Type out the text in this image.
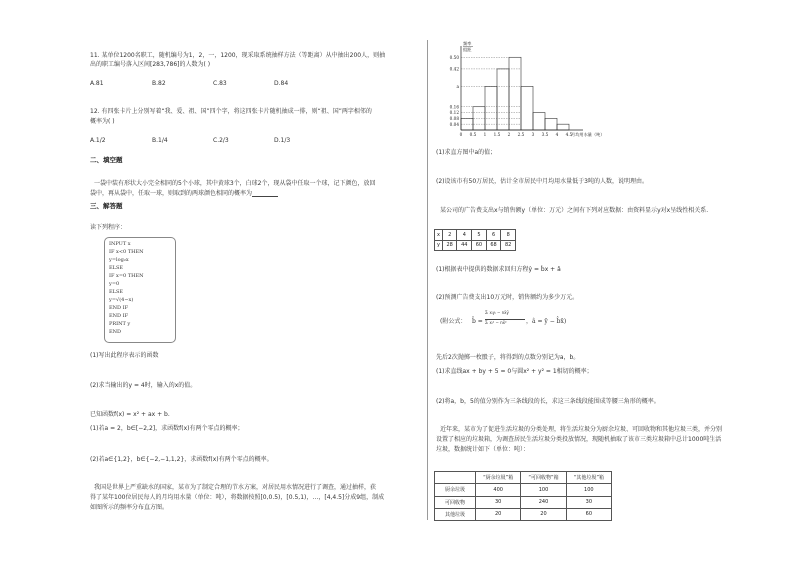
11. 某单位1200名职工，随机编号为1，2，一，1200，现采取系统抽样方法（等距离）从中抽出200人，则抽
出的职工编号落入区间[283,786]的人数为( )
A.81	B.82	C.83	D.84
12. 有四张卡片上分别写着“我、爱、祖、国”四个字，将这四张卡片随机抽成一排，则“祖、国”两字相邻的
概率为( )
A.1/2	B.1/4	C.2/3	D.1/3
二、填空题
一袋中装有形状大小完全相同的5个小球，其中黄球3个，白球2个，现从袋中任取一个球，记下颜色，放回
袋中，再从袋中，任取一球，则取到的两球颜色相同的概率为
三、解答题
读下列程序：
INPUT x
IF x<0 THEN
y=log₂x
ELSE
IF x=0 THEN
y=0
ELSE
y=√(4−x)
END IF
END IF
PRINT y
END
(1)写出此程序表示的函数
(2)求当输出的y = 4时，输入的x的值。
已知函数f(x) = x² + ax + b.
(1)若a = 2，b∈[−2,2]，求函数f(x)有两个零点的概率；
(2)若a∈{1,2}，b∈{−2,−1,1,2}，求函数f(x)有两个零点的概率。
我国是世界上严重缺水的国家，某市为了制定合理的节水方案，对居民用水情况进行了调查，通过抽样，获
得了某年100位居民每人的月均用水量（单位：吨），将数据按照[0,0.5)，[0.5,1)，…，[4,4.5]分成9组，制成
如图所示的频率分布直方图。
0.50
0.42
a
0.16
0.12
0.08
0.04
0 0.5 1 1.5 2 2.5 3 3.5 4 4.5
频率
组距
月均用水量（吨）
(1)求直方图中a的值；
(2)设该市有50万居民，估计全市居民中月均用水量低于3吨的人数，说明理由。
某公司的广告费支出x与销售额y（单位：万元）之间有下列对应数据：由资料显示y对x呈线性相关系.
x	2	4	5	6	8
y	28	44	60	68	82
(1)根据表中提供的数据求回归方程ŷ = b̂x + â
(2)预测广告费支出10万元时，销售额约为多少万元。
(附公式： b̂ =
Σᵢ xᵢyᵢ − nx̄ȳ
Σᵢ xᵢ² − nx̄²	，â = ȳ − b̂x̄)
先后2次抛掷一枚骰子，将得到的点数分别记为a，b。
(1)求直线ax + by + 5 = 0与圆x² + y² = 1相切的概率；
(2)将a，b，5的值分别作为三条线段的长，求这三条线段能围成等腰三角形的概率。
近年来，某市为了促进生活垃圾的分类处理，将生活垃圾分为厨余垃圾、可回收物和其他垃圾三类，并分别
设置了相应的垃圾箱，为调查居民生活垃圾分类投放情况，现随机抽取了该市三类垃圾箱中总计1000吨生活
垃圾，数据统计如下（单位：吨）：
	“厨余垃圾”箱	“可回收物”箱	“其他垃圾”箱
厨余垃圾	400	100	100
可回收物	30	240	30
其他垃圾	20	20	60
